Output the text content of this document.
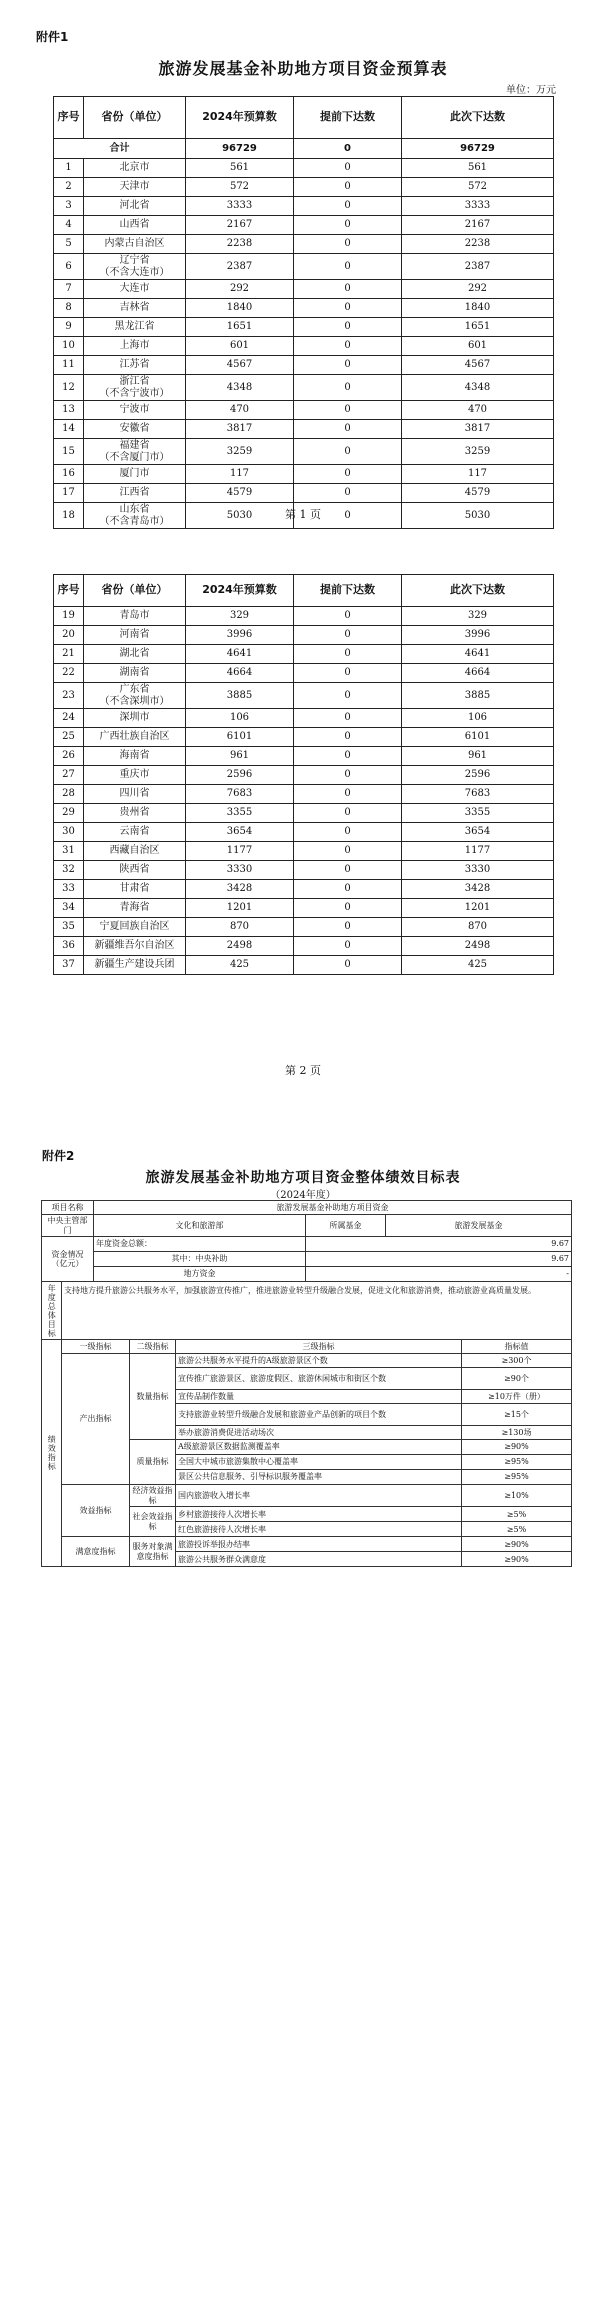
附件1
旅游发展基金补助地方项目资金预算表
单位：万元
序号	省份（单位）	2024年预算数	提前下达数	此次下达数
合计		96729	0	96729
1	北京市	561	0	561
2	天津市	572	0	572
3	河北省	3333	0	3333
4	山西省	2167	0	2167
5	内蒙古自治区	2238	0	2238
6	辽宁省
（不含大连市）	2387	0	2387
7	大连市	292	0	292
8	吉林省	1840	0	1840
9	黑龙江省	1651	0	1651
10	上海市	601	0	601
11	江苏省	4567	0	4567
12	浙江省
（不含宁波市）	4348	0	4348
13	宁波市	470	0	470
14	安徽省	3817	0	3817
15	福建省
（不含厦门市）	3259	0	3259
16	厦门市	117	0	117
17	江西省	4579	0	4579
18	山东省
（不含青岛市）	5030	0	5030
第 1 页
序号	省份（单位）	2024年预算数	提前下达数	此次下达数
19	青岛市	329	0	329
20	河南省	3996	0	3996
21	湖北省	4641	0	4641
22	湖南省	4664	0	4664
23	广东省
（不含深圳市）	3885	0	3885
24	深圳市	106	0	106
25	广西壮族自治区	6101	0	6101
26	海南省	961	0	961
27	重庆市	2596	0	2596
28	四川省	7683	0	7683
29	贵州省	3355	0	3355
30	云南省	3654	0	3654
31	西藏自治区	1177	0	1177
32	陕西省	3330	0	3330
33	甘肃省	3428	0	3428
34	青海省	1201	0	1201
35	宁夏回族自治区	870	0	870
36	新疆维吾尔自治区	2498	0	2498
37	新疆生产建设兵团	425	0	425
第 2 页
附件2
旅游发展基金补助地方项目资金整体绩效目标表
（2024年度）
项目名称		旅游发展基金补助地方项目资金					
中央主管部门		文化和旅游部			所属基金	旅游发展基金	
资金情况
（亿元）		年度资金总额：			9.67		
		其中：中央补助			9.67		
		地方资金			-		

年度总体目标	支持地方提升旅游公共服务水平，加强旅游宣传推广，推进旅游业转型升级融合发展，促进文化和旅游消费，推动旅游业高质量发展。						

绩效指标	一级指标		二级指标	三级指标			指标值
	产出指标		数量指标	旅游公共服务水平提升的A级旅游景区个数			≥300个
				宣传推广旅游景区、旅游度假区、旅游休闲城市和街区个数			≥90个
				宣传品制作数量			≥10万件（册）
				支持旅游业转型升级融合发展和旅游业产品创新的项目个数			≥15个
				举办旅游消费促进活动场次			≥130场
			质量指标	A级旅游景区数据监测覆盖率			≥90%
				全国大中城市旅游集散中心覆盖率			≥95%
				景区公共信息服务、引导标识服务覆盖率			≥95%
	效益指标		经济效益指标	国内旅游收入增长率			≥10%
			社会效益指标	乡村旅游接待人次增长率			≥5%
				红色旅游接待人次增长率			≥5%
	满意度指标		服务对象满意度指标	旅游投诉举报办结率			≥90%
				旅游公共服务群众满意度			≥90%
